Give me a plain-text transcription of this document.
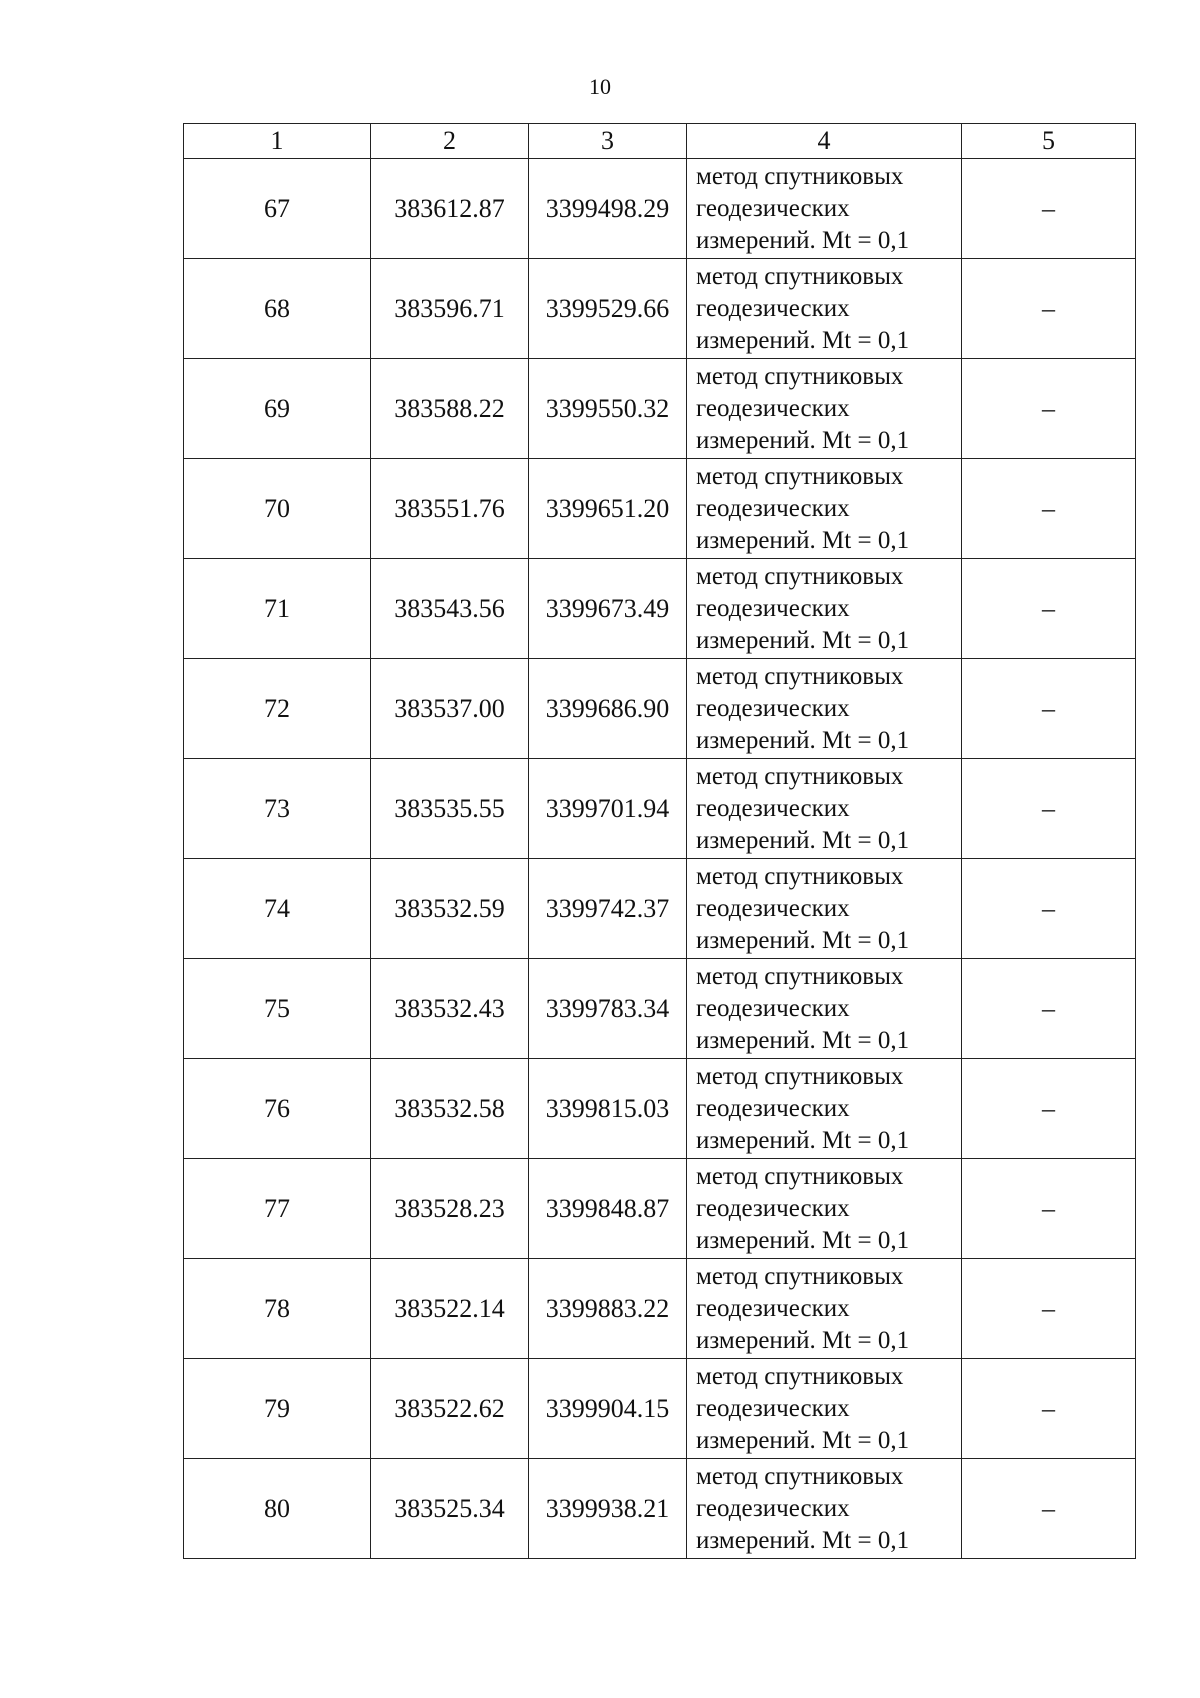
10
1	2	3	4	5
67	383612.87	3399498.29	метод спутниковых
геодезических
измерений. Mt = 0,1	–
68	383596.71	3399529.66	метод спутниковых
геодезических
измерений. Mt = 0,1	–
69	383588.22	3399550.32	метод спутниковых
геодезических
измерений. Mt = 0,1	–
70	383551.76	3399651.20	метод спутниковых
геодезических
измерений. Mt = 0,1	–
71	383543.56	3399673.49	метод спутниковых
геодезических
измерений. Mt = 0,1	–
72	383537.00	3399686.90	метод спутниковых
геодезических
измерений. Mt = 0,1	–
73	383535.55	3399701.94	метод спутниковых
геодезических
измерений. Mt = 0,1	–
74	383532.59	3399742.37	метод спутниковых
геодезических
измерений. Mt = 0,1	–
75	383532.43	3399783.34	метод спутниковых
геодезических
измерений. Mt = 0,1	–
76	383532.58	3399815.03	метод спутниковых
геодезических
измерений. Mt = 0,1	–
77	383528.23	3399848.87	метод спутниковых
геодезических
измерений. Mt = 0,1	–
78	383522.14	3399883.22	метод спутниковых
геодезических
измерений. Mt = 0,1	–
79	383522.62	3399904.15	метод спутниковых
геодезических
измерений. Mt = 0,1	–
80	383525.34	3399938.21	метод спутниковых
геодезических
измерений. Mt = 0,1	–
